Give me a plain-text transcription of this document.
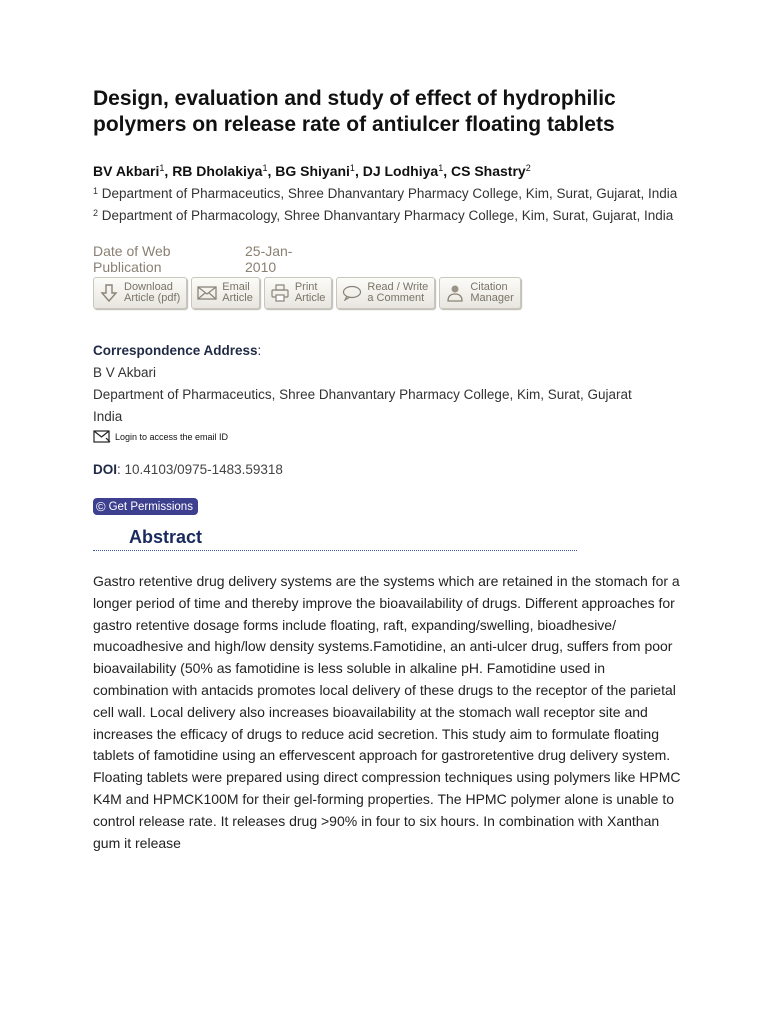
Design, evaluation and study of effect of hydrophilic polymers on release rate of antiulcer floating tablets
BV Akbari$^1$, RB Dholakiya$^1$, BG Shiyani$^1$, DJ Lodhiya$^1$, CS Shastry$^2$
$^1$ Department of Pharmaceutics, Shree Dhanvantary Pharmacy College, Kim, Surat, Gujarat, India
$^2$ Department of Pharmacology, Shree Dhanvantary Pharmacy College, Kim, Surat, Gujarat, India
Date of Web
Publication
25-Jan-
2010
Download
Article (pdf)
Email
Article
Print
Article
Read / Write
a Comment
Citation
Manager
Correspondence Address:
B V Akbari
Department of Pharmaceutics, Shree Dhanvantary Pharmacy College, Kim, Surat, Gujarat
India
Login to access the email ID
DOI: 10.4103/0975-1483.59318
© Get Permissions
Abstract
Gastro retentive drug delivery systems are the systems which are retained in the stomach for a longer period of time and thereby improve the bioavailability of drugs. Different approaches for gastro retentive dosage forms include floating, raft, expanding/swelling, bioadhesive/ mucoadhesive and high/low density systems.Famotidine, an anti-ulcer drug, suffers from poor bioavailability (50% as famotidine is less soluble in alkaline pH. Famotidine used in combination with antacids promotes local delivery of these drugs to the receptor of the parietal cell wall. Local delivery also increases bioavailability at the stomach wall receptor site and increases the efficacy of drugs to reduce acid secretion. This study aim to formulate floating tablets of famotidine using an effervescent approach for gastroretentive drug delivery system. Floating tablets were prepared using direct compression techniques using polymers like HPMC K4M and HPMCK100M for their gel-forming properties. The HPMC polymer alone is unable to control release rate. It releases drug >90% in four to six hours. In combination with Xanthan gum it release
